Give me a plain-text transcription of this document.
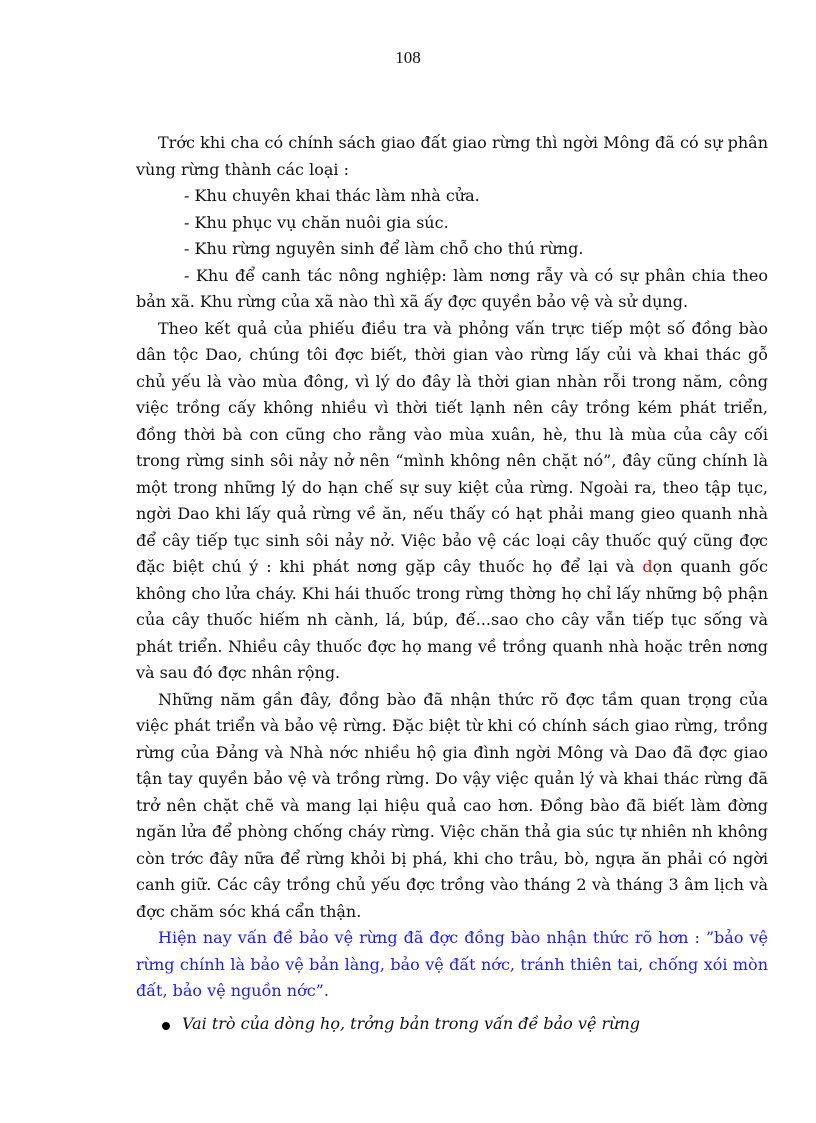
108

Trớc khi cha có chính sách giao đất giao rừng thì ngời Mông đã có sự phân vùng rừng thành các loại :

- Khu chuyên khai thác làm nhà cửa.

- Khu phục vụ chăn nuôi gia súc.

- Khu rừng nguyên sinh để làm chỗ cho thú rừng.

- Khu để canh tác nông nghiệp: làm nơng rẫy và có sự phân chia theo bản xã. Khu rừng của xã nào thì xã ấy đợc quyền bảo vệ và sử dụng.

Theo kết quả của phiếu điều tra và phỏng vấn trực tiếp một số đồng bào dân tộc Dao, chúng tôi đợc biết, thời gian vào rừng lấy củi và khai thác gỗ chủ yếu là vào mùa đông, vì lý do đây là thời gian nhàn rỗi trong năm, công việc trồng cấy không nhiều vì thời tiết lạnh nên cây trồng kém phát triển, đồng thời bà con cũng cho rằng vào mùa xuân, hè, thu là mùa của cây cối trong rừng sinh sôi nảy nở nên “mình không nên chặt nó”, đây cũng chính là một trong những lý do hạn chế sự suy kiệt của rừng. Ngoài ra, theo tập tục, ngời Dao khi lấy quả rừng về ăn, nếu thấy có hạt phải mang gieo quanh nhà để cây tiếp tục sinh sôi nảy nở. Việc bảo vệ các loại cây thuốc quý cũng đợc đặc biệt chú ý : khi phát nơng gặp cây thuốc họ để lại và dọn quanh gốc không cho lửa cháy. Khi hái thuốc trong rừng thờng họ chỉ lấy những bộ phận của cây thuốc hiếm nh cành, lá, búp, đế...sao cho cây vẫn tiếp tục sống và phát triển. Nhiều cây thuốc đợc họ mang về trồng quanh nhà hoặc trên nơng và sau đó đợc nhân rộng.

Những năm gần đây, đồng bào đã nhận thức rõ đợc tầm quan trọng của việc phát triển và bảo vệ rừng. Đặc biệt từ khi có chính sách giao rừng, trồng rừng của Đảng và Nhà nớc nhiều hộ gia đình ngời Mông và Dao đã đợc giao tận tay quyền bảo vệ và trồng rừng. Do vậy việc quản lý và khai thác rừng đã trở nên chặt chẽ và mang lại hiệu quả cao hơn. Đồng bào đã biết làm đờng ngăn lửa để phòng chống cháy rừng. Việc chăn thả gia súc tự nhiên nh không còn trớc đây nữa để rừng khỏi bị phá, khi cho trâu, bò, ngựa ăn phải có ngời canh giữ. Các cây trồng chủ yếu đợc trồng vào tháng 2 và tháng 3 âm lịch và đợc chăm sóc khá cẩn thận.

Hiện nay vấn đề bảo vệ rừng đã đợc đồng bào nhận thức rõ hơn : ”bảo vệ rừng chính là bảo vệ bản làng, bảo vệ đất nớc, tránh thiên tai, chống xói mòn đất, bảo vệ nguồn nớc”.

Vai trò của dòng họ, trởng bản trong vấn đề bảo vệ rừng
